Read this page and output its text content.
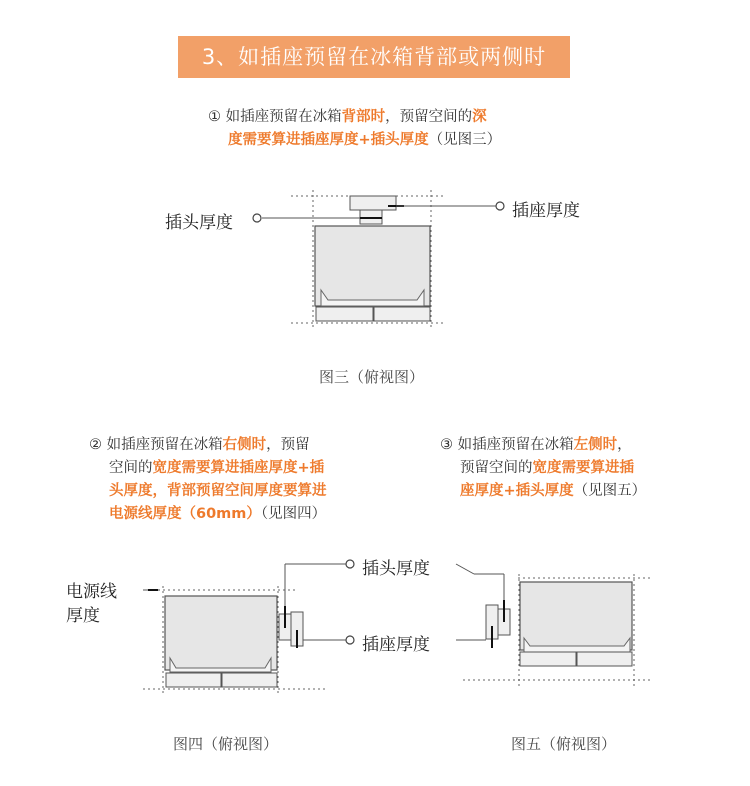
3、如插座预留在冰箱背部或两侧时
① 如插座预留在冰箱背部时，预留空间的深
度需要算进插座厚度+插头厚度（见图三）
② 如插座预留在冰箱右侧时，预留
空间的宽度需要算进插座厚度+插
头厚度，背部预留空间厚度要算进
电源线厚度（60mm）（见图四）
③ 如插座预留在冰箱左侧时，
预留空间的宽度需要算进插
座厚度+插头厚度（见图五）
插头厚度
插座厚度
电源线
厚度
插头厚度
插座厚度
图三（俯视图）
图四（俯视图）	图五（俯视图）
